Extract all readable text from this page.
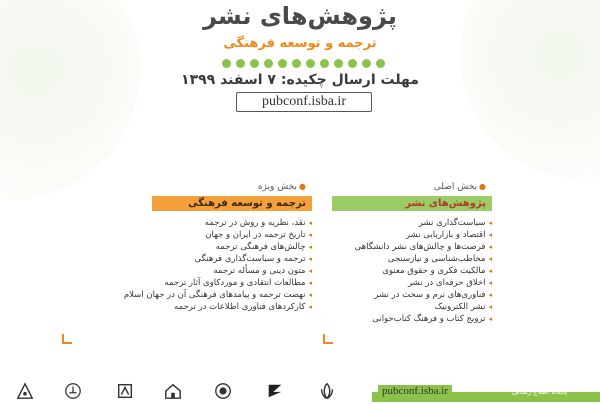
پژوهش‌های نشر
ترجمه و توسعه فرهنگی
مهلت ارسال چکیده: ۷ اسفند ۱۳۹۹
pubconf.isba.ir
●بخش اصلی
پژوهش‌های نشر
◂ سیاست‌گذاری نشر
◂ اقتصاد و بازاریابی نشر
◂ فرصت‌ها و چالش‌های نشر دانشگاهی
◂ مخاطب‌شناسی و نیازسنجی
◂ مالکیت فکری و حقوق معنوی
◂ اخلاق حرفه‌ای در نشر
◂ فناوری‌های نرم و سخت در نشر
◂ نشر الکترونیک
◂ ترویج کتاب و فرهنگ کتاب‌خوانی
●بخش ویژه
ترجمه و توسعه فرهنگی
◂ نقد، نظریه و روش در ترجمه
◂ تاریخ ترجمه در ایران و جهان
◂ چالش‌های فرهنگی ترجمه
◂ ترجمه و سیاست‌گذاری فرهنگی
◂ متون دینی و مسأله ترجمه
◂ مطالعات انتقادی و موردکاوی آثار ترجمه
◂ نهضت ترجمه و پیامدهای فرهنگی آن در جهان اسلام
◂ کارکردهای فناوری اطلاعات در ترجمه
pubconf.isba.ir	پایگاه اطلاع رسانی
